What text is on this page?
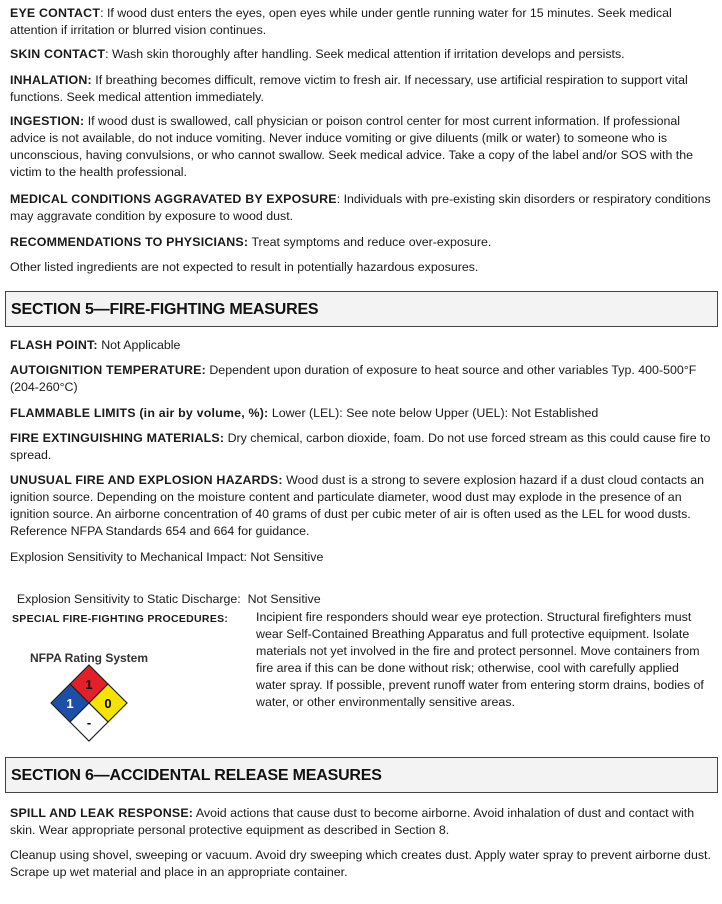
EYE CONTACT: If wood dust enters the eyes, open eyes while under gentle running water for 15 minutes. Seek medical attention if irritation or blurred vision continues.

SKIN CONTACT: Wash skin thoroughly after handling. Seek medical attention if irritation develops and persists.

INHALATION: If breathing becomes difficult, remove victim to fresh air. If necessary, use artificial respiration to support vital functions. Seek medical attention immediately.

INGESTION: If wood dust is swallowed, call physician or poison control center for most current information. If professional advice is not available, do not induce vomiting. Never induce vomiting or give diluents (milk or water) to someone who is unconscious, having convulsions, or who cannot swallow. Seek medical advice. Take a copy of the label and/or SOS with the victim to the health professional.

MEDICAL CONDITIONS AGGRAVATED BY EXPOSURE: Individuals with pre-existing skin disorders or respiratory conditions may aggravate condition by exposure to wood dust.

RECOMMENDATIONS TO PHYSICIANS: Treat symptoms and reduce over-exposure.

Other listed ingredients are not expected to result in potentially hazardous exposures.

SECTION 5—FIRE-FIGHTING MEASURES

FLASH POINT: Not Applicable

AUTOIGNITION TEMPERATURE: Dependent upon duration of exposure to heat source and other variables Typ. 400-500°F (204-260°C)

FLAMMABLE LIMITS (in air by volume, %): Lower (LEL): See note below Upper (UEL): Not Established

FIRE EXTINGUISHING MATERIALS: Dry chemical, carbon dioxide, foam. Do not use forced stream as this could cause fire to spread.

UNUSUAL FIRE AND EXPLOSION HAZARDS: Wood dust is a strong to severe explosion hazard if a dust cloud contacts an ignition source. Depending on the moisture content and particulate diameter, wood dust may explode in the presence of an ignition source. An airborne concentration of 40 grams of dust per cubic meter of air is often used as the LEL for wood dusts. Reference NFPA Standards 654 and 664 for guidance.

Explosion Sensitivity to Mechanical Impact: Not Sensitive

Explosion Sensitivity to Static Discharge:  Not Sensitive

SPECIAL FIRE-FIGHTING PROCEDURES: Incipient fire responders should wear eye protection. Structural firefighters must wear Self-Contained Breathing Apparatus and full protective equipment. Isolate materials not yet involved in the fire and protect personnel. Move containers from fire area if this can be done without risk; otherwise, cool with carefully applied water spray. If possible, prevent runoff water from entering storm drains, bodies of water, or other environmentally sensitive areas.

NFPA Rating System
1
1 0
-
SECTION 6—ACCIDENTAL RELEASE MEASURES

SPILL AND LEAK RESPONSE: Avoid actions that cause dust to become airborne. Avoid inhalation of dust and contact with skin. Wear appropriate personal protective equipment as described in Section 8.

Cleanup using shovel, sweeping or vacuum. Avoid dry sweeping which creates dust. Apply water spray to prevent airborne dust. Scrape up wet material and place in an appropriate container.
